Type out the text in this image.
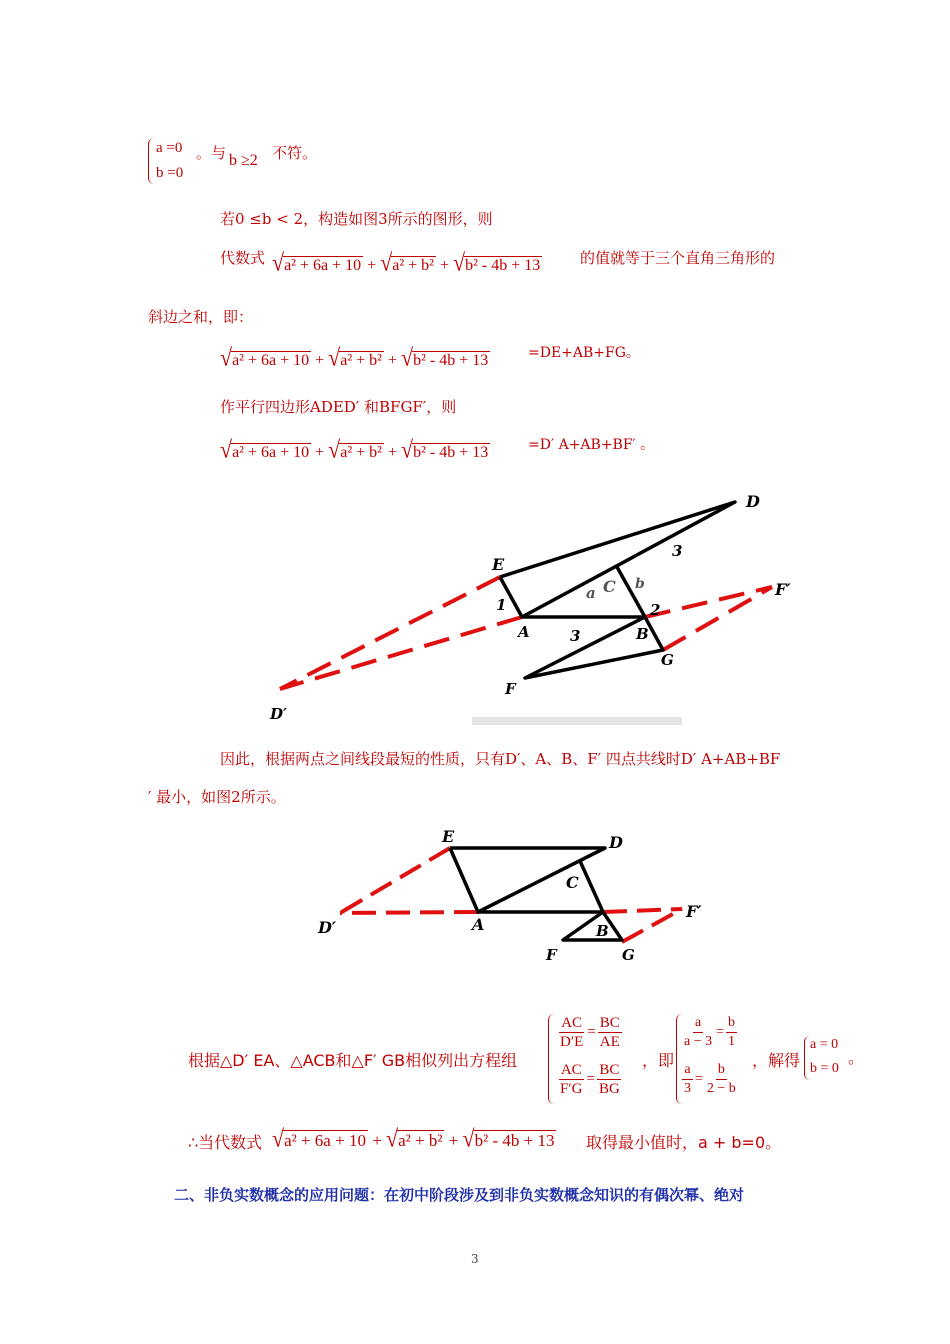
a =0
b =0
。与 b ≥2 不符。
若0 ≤b < 2，构造如图3所示的图形，则
代数式 √a² + 6a + 10 + √a² + b² + √b² - 4b + 13	的值就等于三个直角三角形的
斜边之和，即：
√a² + 6a + 10 + √a² + b² + √b² - 4b + 13	=DE+AB+FG。
作平行四边形ADED′ 和BFGF′，则
√a² + 6a + 10 + √a² + b² + √b² - 4b + 13	=D′ A+AB+BF′ 。
D
E
1
a C b
3
2
A	3	B
F′
G
F
D′
因此，根据两点之间线段最短的性质，只有D′、A、B、F′ 四点共线时D′ A+AB+BF
′ 最小，如图2所示。
E	D
C
D′	A	B
F′
F	G
根据△D′ EA、△ACB和△F′ GB相似列出方程组
$\frac{AC}{D'E} = \frac{BC}{AE}$
$\frac{AC}{F'G} = \frac{BC}{BG}$
，即
$\frac{a}{a - 3} = \frac{b}{1}$
$\frac{a}{3} = \frac{b}{2 - b}$
，解得
a = 0
b = 0
。
∴当代数式 √a² + 6a + 10 + √a² + b² + √b² - 4b + 13 取得最小值时，a + b=0。
二、非负实数概念的应用问题：在初中阶段涉及到非负实数概念知识的有偶次幂、绝对
3
